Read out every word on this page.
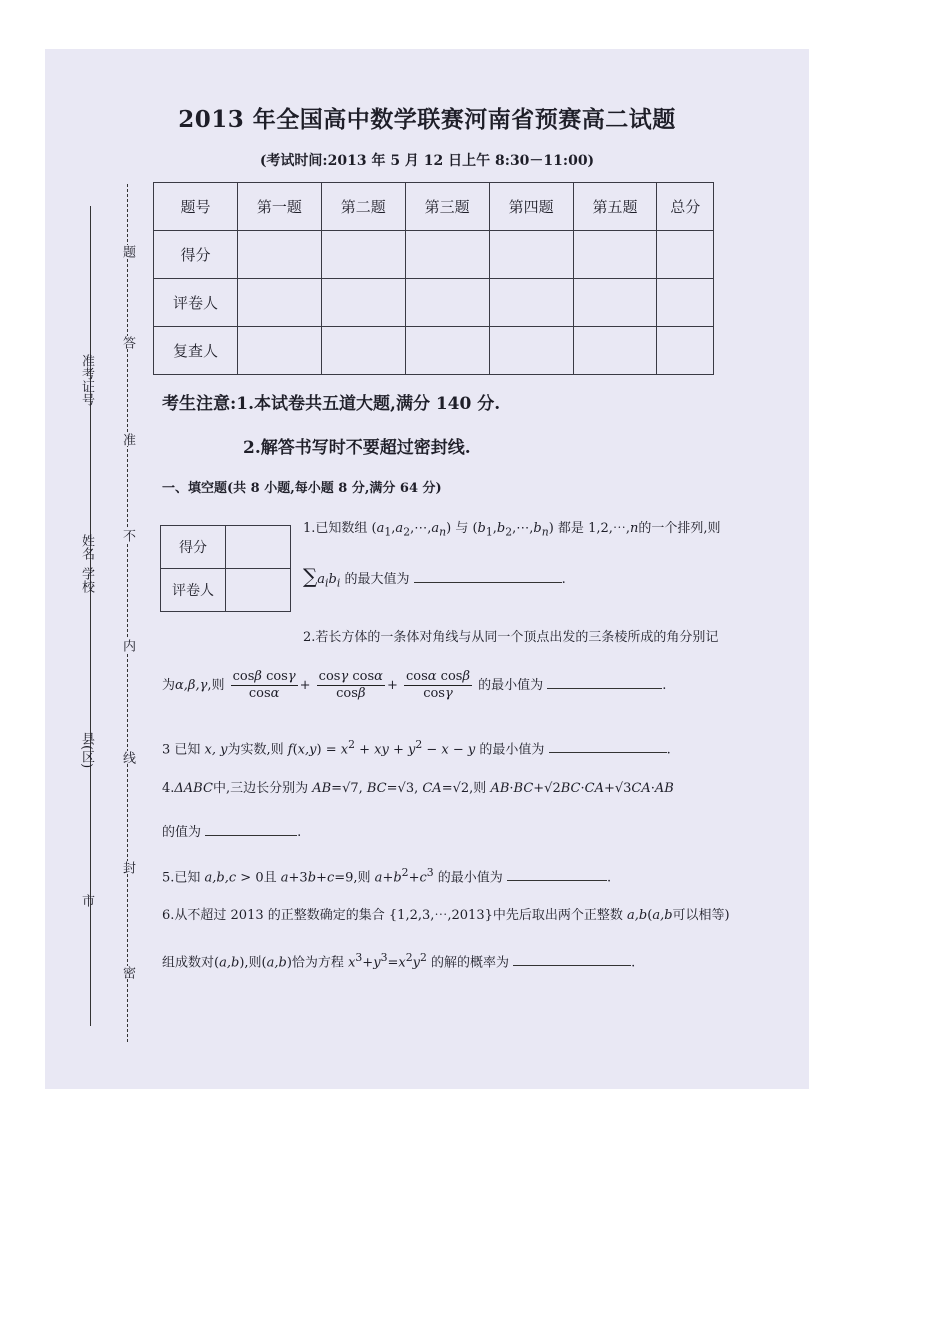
2013 年全国高中数学联赛河南省预赛高二试题
(考试时间:2013 年 5 月 12 日上午 8:30－11:00)
题号	第一题	第二题	第三题	第四题	第五题	总分
得分						
评卷人						
复查人						
考生注意:1.本试卷共五道大题,满分 140 分.
2.解答书写时不要超过密封线.
一、填空题(共 8 小题,每小题 8 分,满分 64 分)
得分	
评卷人	
1.已知数组 $(a_1,a_2,\cdots,a_n)$ 与 $(b_1,b_2,\cdots,b_n)$ 都是 1,2,⋯,n的一个排列,则
$\sum a_ib_i$ 的最大值为	.
2.若长方体的一条体对角线与从同一个顶点出发的三条棱所成的角分别记
为α,β,γ,则 $\frac{\text{cosβ cosγ}}{\cos\alpha} + \frac{\text{cosγ cosα}}{\cos\beta} + \frac{\text{cosα cosβ}}{\cos\gamma}$ 的最小值为	.
3 已知 x, y为实数,则 $f(x,y) = x^2$ + xy + $y^2 - x - y$ 的最小值为	.
4.ΔABC中,三边长分别为 AB=√7, BC=√3, CA=√2,则 AB·BC+√2BC·CA+√3CA·AB
的值为	.
5.已知 a,b,c > 0且 a+3b+c=9,则 $a+b^2+c^3$ 的最小值为	.
6.从不超过 2013 的正整数确定的集合 {1,2,3,⋯,2013}中先后取出两个正整数 a,b(a,b可以相等)
组成数对(a,b),则(a,b)恰为方程 $x^3+y^3=x^2y^2$ 的解的概率为	.
准考证号
学校
姓名
县(区)
市
题
答
准
不
内
线
封
密
